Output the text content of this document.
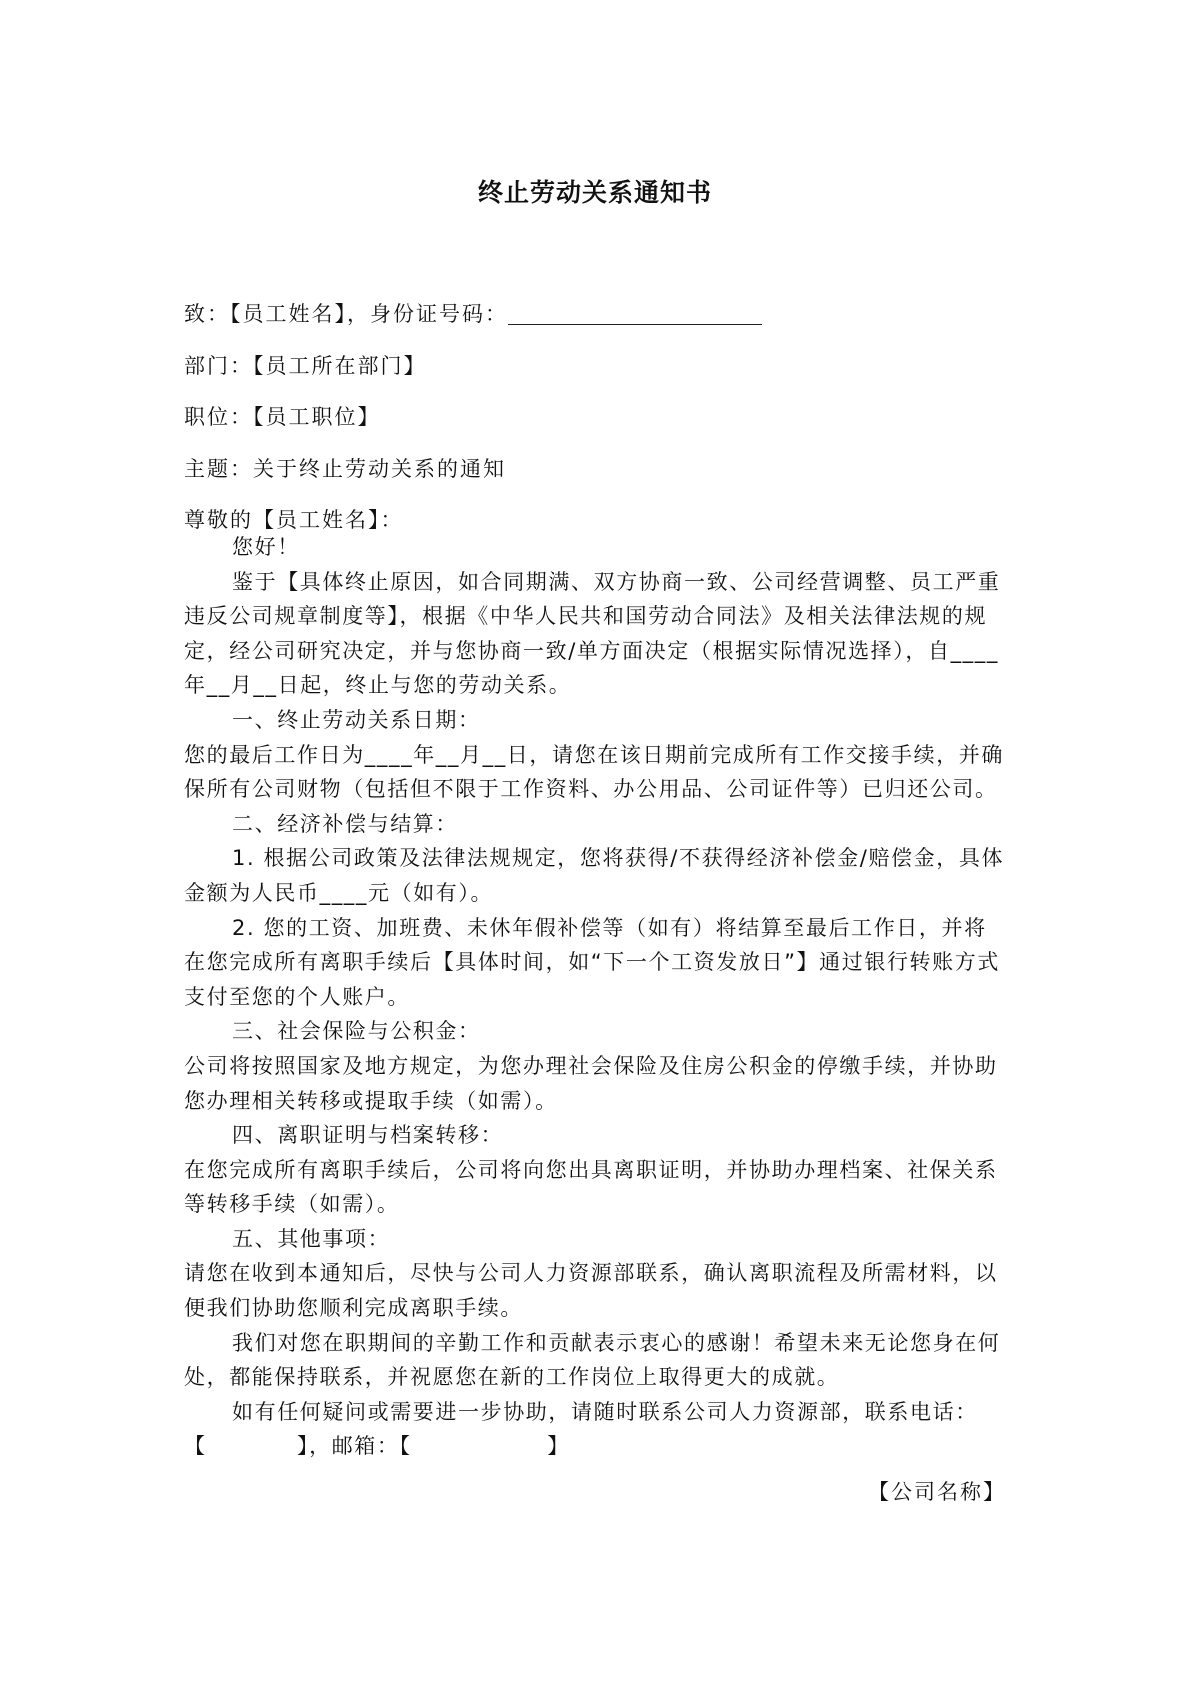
终止劳动关系通知书
致：【员工姓名】，身份证号码：
部门：【员工所在部门】
职位：【员工职位】
主题：关于终止劳动关系的通知
尊敬的【员工姓名】：

您好！

鉴于【具体终止原因，如合同期满、双方协商一致、公司经营调整、员工严重违反公司规章制度等】，根据《中华人民共和国劳动合同法》及相关法律法规的规定，经公司研究决定，并与您协商一致/单方面决定（根据实际情况选择），自____年__月__日起，终止与您的劳动关系。

一、终止劳动关系日期：

您的最后工作日为____年__月__日，请您在该日期前完成所有工作交接手续，并确保所有公司财物（包括但不限于工作资料、办公用品、公司证件等）已归还公司。

二、经济补偿与结算：

1. 根据公司政策及法律法规规定，您将获得/不获得经济补偿金/赔偿金，具体金额为人民币____元（如有）。

2. 您的工资、加班费、未休年假补偿等（如有）将结算至最后工作日，并将在您完成所有离职手续后【具体时间，如“下一个工资发放日”】通过银行转账方式支付至您的个人账户。

三、社会保险与公积金：

公司将按照国家及地方规定，为您办理社会保险及住房公积金的停缴手续，并协助您办理相关转移或提取手续（如需）。

四、离职证明与档案转移：

在您完成所有离职手续后，公司将向您出具离职证明，并协助办理档案、社保关系等转移手续（如需）。

五、其他事项：

请您在收到本通知后，尽快与公司人力资源部联系，确认离职流程及所需材料，以便我们协助您顺利完成离职手续。

我们对您在职期间的辛勤工作和贡献表示衷心的感谢！希望未来无论您身在何处，都能保持联系，并祝愿您在新的工作岗位上取得更大的成就。

如有任何疑问或需要进一步协助，请随时联系公司人力资源部，联系电话：【　　　　】，邮箱：【　　　　　　】

【公司名称】
